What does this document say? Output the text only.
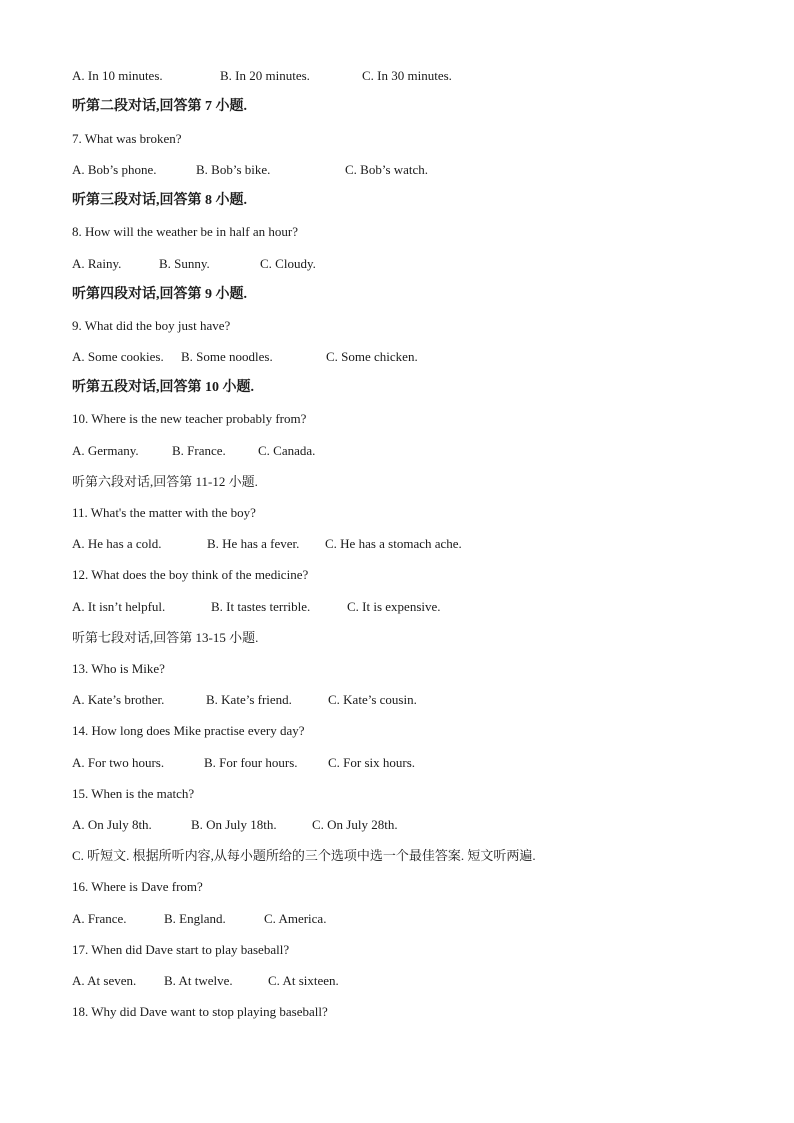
A. In 10 minutes.	B. In 20 minutes.	C. In 30 minutes.
听第二段对话,回答第 7 小题.
7. What was broken?
A. Bob’s phone.	B. Bob’s bike.	C. Bob’s watch.
听第三段对话,回答第 8 小题.
8. How will the weather be in half an hour?
A. Rainy.	B. Sunny.	C. Cloudy.
听第四段对话,回答第 9 小题.
9. What did the boy just have?
A. Some cookies. B. Some noodles.	C. Some chicken.
听第五段对话,回答第 10 小题.
10. Where is the new teacher probably from?
A. Germany.	B. France. C. Canada.
听第六段对话,回答第 11-12 小题.
11. What's the matter with the boy?
A. He has a cold.	B. He has a fever. C. He has a stomach ache.
12. What does the boy think of the medicine?
A. It isn’t helpful.	B. It tastes terrible.	C. It is expensive.
听第七段对话,回答第 13-15 小题.
13. Who is Mike?
A. Kate’s brother.	B. Kate’s friend.	C. Kate’s cousin.
14. How long does Mike practise every day?
A. For two hours.	B. For four hours. C. For six hours.
15. When is the match?
A. On July 8th.	B. On July 18th.	C. On July 28th.
C. 听短文. 根据所听内容,从每小题所给的三个选项中选一个最佳答案. 短文听两遍.
16. Where is Dave from?
A. France.	B. England.	C. America.
17. When did Dave start to play baseball?
A. At seven. B. At twelve.	C. At sixteen.
18. Why did Dave want to stop playing baseball?
